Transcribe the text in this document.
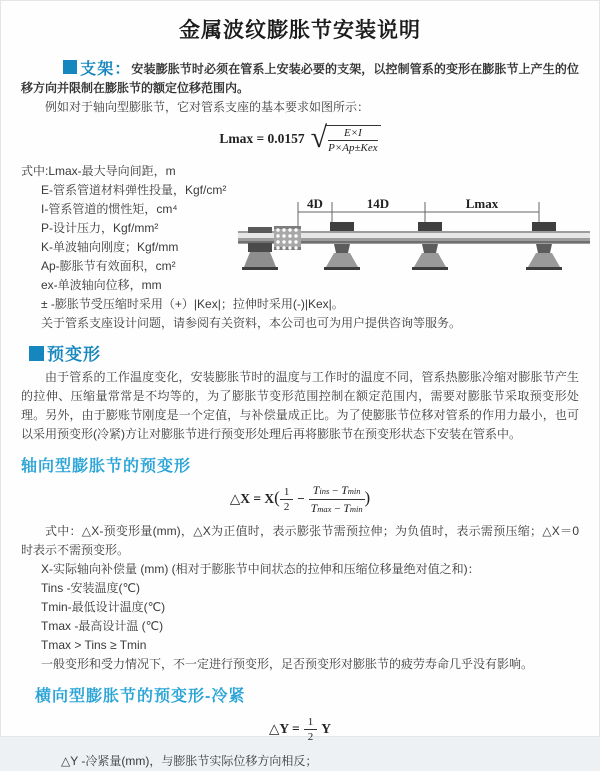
金属波纹膨胀节安装说明

支架：安装膨胀节时必须在管系上安装必要的支架，以控制管系的变形在膨胀节上产生的位移方向并限制在膨胀节的额定位移范围内。

例如对于轴向型膨胀节，它对管系支座的基本要求如图所示：

Lmax = 0.0157 √ $\frac{E\times I}{\text{P×Ap±Kex}}$
式中:Lmax-最大导向间距，m
E-管系管道材料弹性投量，Kgf/cm²
I-管系管道的惯性矩，cm⁴
P-设计压力，Kgf/mm²
K-单波轴向刚度；Kgf/mm
Ap-膨胀节有效面积，cm²
ex-单波轴向位移，mm
± -膨胀节受压缩时采用（+）|Kex|；拉伸时采用(-)|Kex|。
关于管系支座设计问题，请参阅有关资料，本公司也可为用户提供咨询等服务。
预变形

由于管系的工作温度变化，安装膨胀节时的温度与工作时的温度不同，管系热膨胀冷缩对膨胀节产生的拉伸、压缩量常常是不均等的，为了膨胀节变形范围控制在额定范围内，需要对膨胀节采取预变形处理。另外，由于膨账节刚度是一个定值，与补偿量成正比。为了使膨胀节位移对管系的作用力最小，也可以采用预变形(冷紧)方让对膨胀节进行预变形处理后再将膨胀节在预变形状态下安装在管系中。

轴向型膨胀节的预变形
△X = X ( $\frac{1}{2} - \frac{\text{Tins − Tmin}}{Tmax - Tmin}$ )

式中：△X-预变形量(mm)，△X为正值时，表示膨张节需预拉伸；为负值时，表示需预压缩；△X＝0时表示不需预变形。

X-实际轴向补偿量 (mm) (相对于膨胀节中间状态的拉伸和压缩位移量绝对值之和)：
Tins -安装温度(℃)
Tmin-最低设计温度(℃)
Tmax -最高设计温 (℃)
Tmax > Tins ≥ Tmin
一般变形和受力情况下，不一定进行预变形，足否预变形对膨胀节的疲劳寿命几乎没有影响。
横向型膨胀节的预变形-冷紧
△Y = $\frac{1}{2}$ Y
△Y -冷紧量(mm)，与膨胀节实际位移方向相反；
4D	14D	Lmax
